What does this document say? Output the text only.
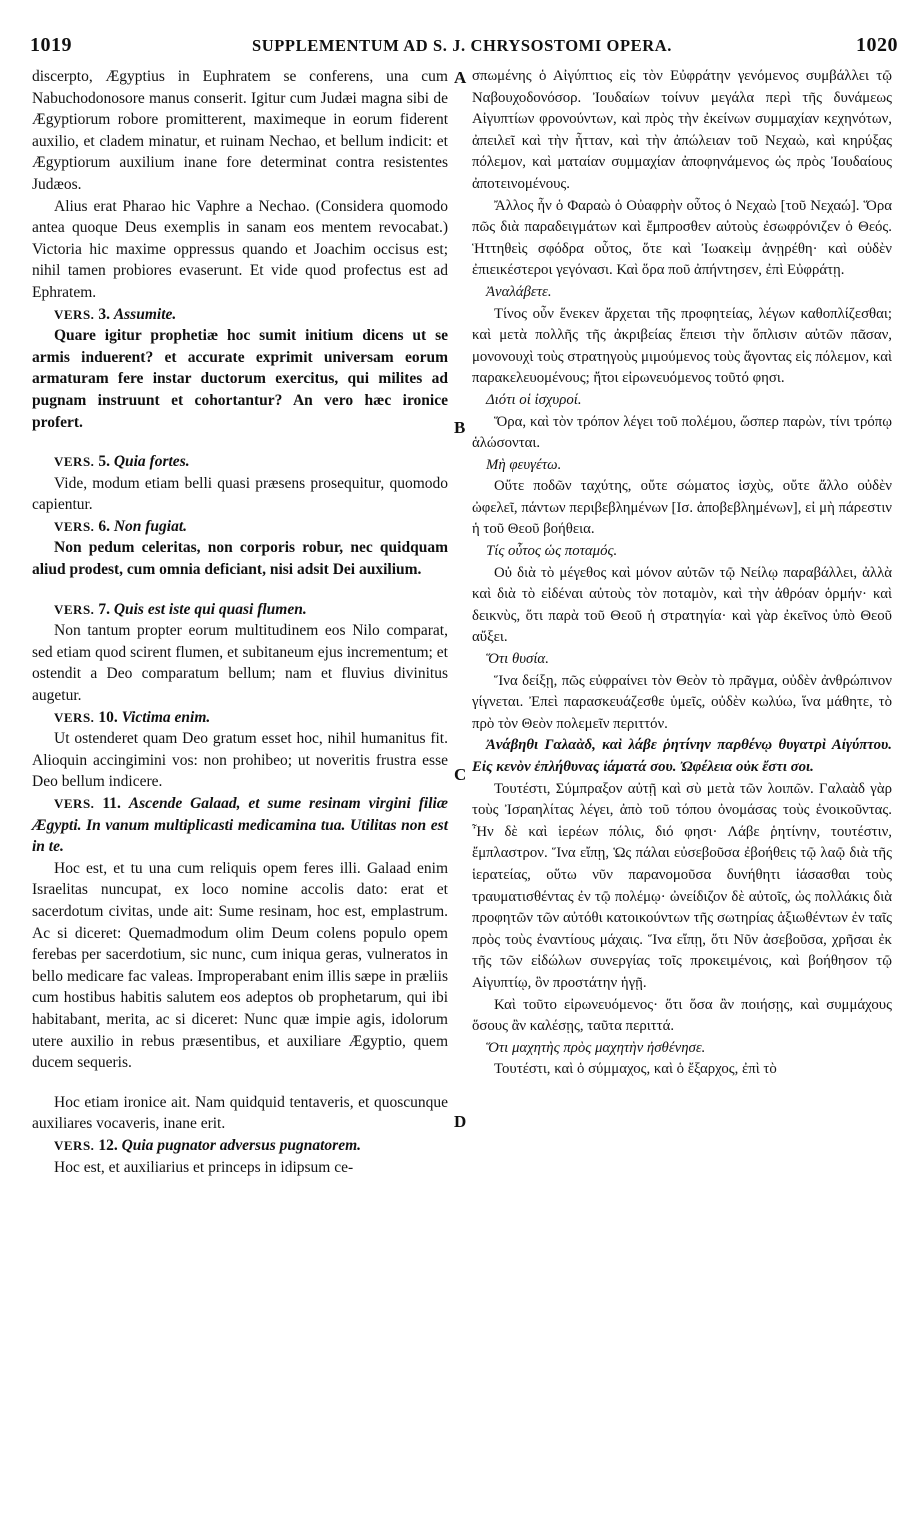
1019	SUPPLEMENTUM AD S. J. CHRYSOSTOMI OPERA.	1020
A
B
C
D

discerpto, Ægyptius in Euphratem se conferens, una cum Nabuchodonosore manus conserit. Igitur cum Judæi magna sibi de Ægyptiorum robore promitterent, maximeque in eorum fiderent auxilio, et cladem minatur, et ruinam Nechao, et bellum indicit: et Ægyptiorum auxilium inane fore determinat contra resistentes Judæos.

Alius erat Pharao hic Vaphre a Nechao. (Considera quomodo antea quoque Deus exemplis in sanam eos mentem revocabat.) Victoria hic maxime oppressus quando et Joachim occisus est; nihil tamen probiores evaserunt. Et vide quod profectus est ad Ephratem.

VERS. 3. Assumite.

Quare igitur prophetiæ hoc sumit initium dicens ut se armis induerent? et accurate exprimit universam eorum armaturam fere instar ductorum exercitus, qui milites ad pugnam instruunt et cohortantur? An vero hæc ironice profert.

VERS. 5. Quia fortes.

Vide, modum etiam belli quasi præsens prosequitur, quomodo capientur.

VERS. 6. Non fugiat.

Non pedum celeritas, non corporis robur, nec quidquam aliud prodest, cum omnia deficiant, nisi adsit Dei auxilium.

VERS. 7. Quis est iste qui quasi flumen.

Non tantum propter eorum multitudinem eos Nilo comparat, sed etiam quod scirent flumen, et subitaneum ejus incrementum; et ostendit a Deo comparatum bellum; nam et fluvius divinitus augetur.

VERS. 10. Victima enim.

Ut ostenderet quam Deo gratum esset hoc, nihil humanitus fit. Alioquin accingimini vos: non prohibeo; ut noveritis frustra esse Deo bellum indicere.

VERS. 11. Ascende Galaad, et sume resinam virgini filiæ Ægypti. In vanum multiplicasti medicamina tua. Utilitas non est in te.

Hoc est, et tu una cum reliquis opem feres illi. Galaad enim Israelitas nuncupat, ex loco nomine accolis dato: erat et sacerdotum civitas, unde ait: Sume resinam, hoc est, emplastrum. Ac si diceret: Quemadmodum olim Deum colens populo opem ferebas per sacerdotium, sic nunc, cum iniqua geras, vulneratos in bello medicare fac valeas. Improperabant enim illis sæpe in præliis cum hostibus habitis salutem eos adeptos ob prophetarum, qui ibi habitabant, merita, ac si diceret: Nunc quæ impie agis, idolorum utere auxilio in rebus præsentibus, et auxiliare Ægyptio, quem ducem sequeris.

Hoc etiam ironice ait. Nam quidquid tentaveris, et quoscunque auxiliares vocaveris, inane erit.

VERS. 12. Quia pugnator adversus pugnatorem.

Hoc est, et auxiliarius et princeps in idipsum ce-

σπωμένης ὁ Αἰγύπτιος εἰς τὸν Εὐφράτην γενόμενος συμβάλλει τῷ Ναβουχοδονόσορ. Ἰουδαίων τοίνυν μεγάλα περὶ τῆς δυνάμεως Αἰγυπτίων φρονούντων, καὶ πρὸς τὴν ἐκείνων συμμαχίαν κεχηνότων, ἀπειλεῖ καὶ τὴν ἧτταν, καὶ τὴν ἀπώλειαν τοῦ Νεχαὼ, καὶ κηρύξας πόλεμον, καὶ ματαίαν συμμαχίαν ἀποφηνάμενος ὡς πρὸς Ἰουδαίους ἀποτεινομένους.

Ἄλλος ἦν ὁ Φαραὼ ὁ Οὐαφρὴν οὗτος ὁ Νεχαὼ [τοῦ Νεχαώ]. Ὅρα πῶς διὰ παραδειγμάτων καὶ ἔμπροσθεν αὐτοὺς ἐσωφρόνιζεν ὁ Θεός. Ἡττηθεὶς σφόδρα οὗτος, ὅτε καὶ Ἰωακεὶμ ἀνῃρέθη· καὶ οὐδὲν ἐπιεικέστεροι γεγόνασι. Καὶ ὅρα ποῦ ἀπήντησεν, ἐπὶ Εὐφράτῃ.

Ἀναλάβετε.

Τίνος οὖν ἕνεκεν ἄρχεται τῆς προφητείας, λέγων καθοπλίζεσθαι; καὶ μετὰ πολλῆς τῆς ἀκριβείας ἔπεισι τὴν ὅπλισιν αὐτῶν πᾶσαν, μονονουχὶ τοὺς στρατηγοὺς μιμούμενος τοὺς ἄγοντας εἰς πόλεμον, καὶ παρακελευομένους; ἤτοι εἰρωνευόμενος τοῦτό φησι.

Διότι οἱ ἰσχυροί.

Ὅρα, καὶ τὸν τρόπον λέγει τοῦ πολέμου, ὥσπερ παρὼν, τίνι τρόπῳ ἁλώσονται.

Μὴ φευγέτω.

Οὔτε ποδῶν ταχύτης, οὔτε σώματος ἰσχὺς, οὔτε ἄλλο οὐδὲν ὠφελεῖ, πάντων περιβεβλημένων [Ισ. ἀποβεβλημένων], εἰ μὴ πάρεστιν ἡ τοῦ Θεοῦ βοήθεια.

Τίς οὗτος ὡς ποταμός.

Οὐ διὰ τὸ μέγεθος καὶ μόνον αὐτῶν τῷ Νείλῳ παραβάλλει, ἀλλὰ καὶ διὰ τὸ εἰδέναι αὐτοὺς τὸν ποταμὸν, καὶ τὴν ἀθρόαν ὁρμήν· καὶ δεικνὺς, ὅτι παρὰ τοῦ Θεοῦ ἡ στρατηγία· καὶ γὰρ ἐκεῖνος ὑπὸ Θεοῦ αὔξει.

Ὅτι θυσία.

Ἵνα δείξῃ, πῶς εὐφραίνει τὸν Θεὸν τὸ πρᾶγμα, οὐδὲν ἀνθρώπινον γίγνεται. Ἐπεὶ παρασκευάζεσθε ὑμεῖς, οὐδὲν κωλύω, ἵνα μάθητε, τὸ πρὸ τὸν Θεὸν πολεμεῖν περιττόν.

Ἀνάβηθι Γαλαὰδ, καὶ λάβε ῥητίνην παρθένῳ θυγατρὶ Αἰγύπτου. Εἰς κενὸν ἐπλήθυνας ἰάματά σου. Ὠφέλεια οὐκ ἔστι σοι.

Τουτέστι, Σύμπραξον αὐτῇ καὶ σὺ μετὰ τῶν λοιπῶν. Γαλαὰδ γὰρ τοὺς Ἰσραηλίτας λέγει, ἀπὸ τοῦ τόπου ὀνομάσας τοὺς ἐνοικοῦντας. Ἦν δὲ καὶ ἱερέων πόλις, διό φησι· Λάβε ῥητίνην, τουτέστιν, ἔμπλαστρον. Ἵνα εἴπῃ, Ὡς πάλαι εὐσεβοῦσα ἐβοήθεις τῷ λαῷ διὰ τῆς ἱερατείας, οὕτω νῦν παρανομοῦσα δυνήθητι ἰάσασθαι τοὺς τραυματισθέντας ἐν τῷ πολέμῳ· ὠνείδιζον δὲ αὐτοῖς, ὡς πολλάκις διὰ προφητῶν τῶν αὐτόθι κατοικούντων τῆς σωτηρίας ἀξιωθέντων ἐν ταῖς πρὸς τοὺς ἐναντίους μάχαις. Ἵνα εἴπῃ, ὅτι Νῦν ἀσεβοῦσα, χρῆσαι ἐκ τῆς τῶν εἰδώλων συνεργίας τοῖς προκειμένοις, καὶ βοήθησον τῷ Αἰγυπτίῳ, ὃν προστάτην ἡγῇ.

Καὶ τοῦτο εἰρωνευόμενος· ὅτι ὅσα ἂν ποιήσῃς, καὶ συμμάχους ὅσους ἂν καλέσῃς, ταῦτα περιττά.

Ὅτι μαχητὴς πρὸς μαχητὴν ἠσθένησε.

Τουτέστι, καὶ ὁ σύμμαχος, καὶ ὁ ἔξαρχος, ἐπὶ τὸ
